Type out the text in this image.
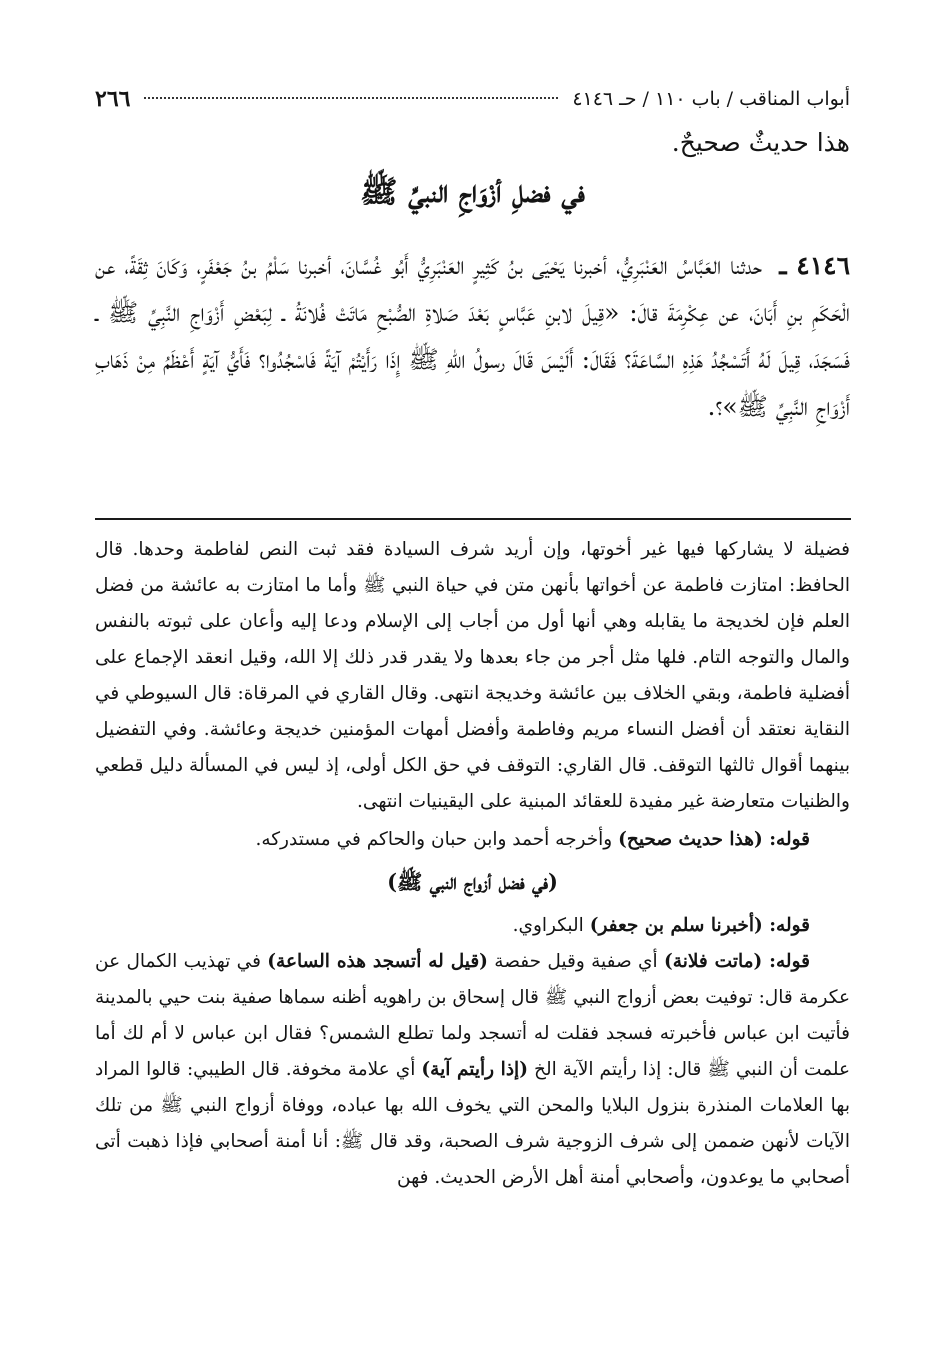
أبواب المناقب / باب ١١٠ / حـ ٤١٤٦
٢٦٦
هذا حديثٌ صحيحٌ.
في فضلِ أزْوَاجِ النبيِّ ﷺ

٤١٤٦ ـ حدثنا العَبَّاسُ العَنْبَرِيُّ، أخبرنا يَحْيَى بنُ كَثِيرٍ العَنْبَرِيُّ أَبُو غُسَّانَ، أخبرنا سَلْمُ بنُ جَعْفَرٍ، وَكَانَ ثِقَةً، عن الْحَكَمِ بنِ أَبَانَ، عن عِكْرِمَةَ قالَ: «قِيلَ لابنِ عَبَّاسٍ بَعْدَ صَلاةِ الصُّبْحِ مَاتَتْ فُلانَةُ ـ لِبَعْضِ أَزْوَاجِ النَّبِيِّ ﷺ ـ فَسَجَدَ، قِيلَ لَهُ أَتَسْجُدُ هَذِهِ السَّاعَةَ؟ فَقَالَ: أَلَيْسَ قَالَ رسولُ اللهِ ﷺ إِذَا رَأَيْتُمْ آيَةً فَاسْجُدُوا؟ فَأَيُّ آيَةٍ أَعْظَمُ مِنْ ذَهَابِ أَزْوَاجِ النَّبِيِّ ﷺ»؟.

فضيلة لا يشاركها فيها غير أخوتها، وإن أريد شرف السيادة فقد ثبت النص لفاطمة وحدها. قال الحافظ: امتازت فاطمة عن أخواتها بأنهن متن في حياة النبي ﷺ وأما ما امتازت به عائشة من فضل العلم فإن لخديجة ما يقابله وهي أنها أول من أجاب إلى الإسلام ودعا إليه وأعان على ثبوته بالنفس والمال والتوجه التام. فلها مثل أجر من جاء بعدها ولا يقدر قدر ذلك إلا الله، وقيل انعقد الإجماع على أفضلية فاطمة، وبقي الخلاف بين عائشة وخديجة انتهى. وقال القاري في المرقاة: قال السيوطي في النقاية نعتقد أن أفضل النساء مريم وفاطمة وأفضل أمهات المؤمنين خديجة وعائشة. وفي التفضيل بينهما أقوال ثالثها التوقف. قال القاري: التوقف في حق الكل أولى، إذ ليس في المسألة دليل قطعي والظنيات متعارضة غير مفيدة للعقائد المبنية على اليقينيات انتهى.

قوله: (هذا حديث صحيح) وأخرجه أحمد وابن حبان والحاكم في مستدركه.

(في فضل أزواج النبي ﷺ)

قوله: (أخبرنا سلم بن جعفر) البكراوي.

قوله: (ماتت فلانة) أي صفية وقيل حفصة (قيل له أتسجد هذه الساعة) في تهذيب الكمال عن عكرمة قال: توفيت بعض أزواج النبي ﷺ قال إسحاق بن راهويه أظنه سماها صفية بنت حيي بالمدينة فأتيت ابن عباس فأخبرته فسجد فقلت له أتسجد ولما تطلع الشمس؟ فقال ابن عباس لا أم لك أما علمت أن النبي ﷺ قال: إذا رأيتم الآية الخ (إذا رأيتم آية) أي علامة مخوفة. قال الطيبي: قالوا المراد بها العلامات المنذرة بنزول البلايا والمحن التي يخوف الله بها عباده، ووفاة أزواج النبي ﷺ من تلك الآيات لأنهن ضممن إلى شرف الزوجية شرف الصحبة، وقد قال ﷺ: أنا أمنة أصحابي فإذا ذهبت أتى أصحابي ما يوعدون، وأصحابي أمنة أهل الأرض الحديث. فهن
